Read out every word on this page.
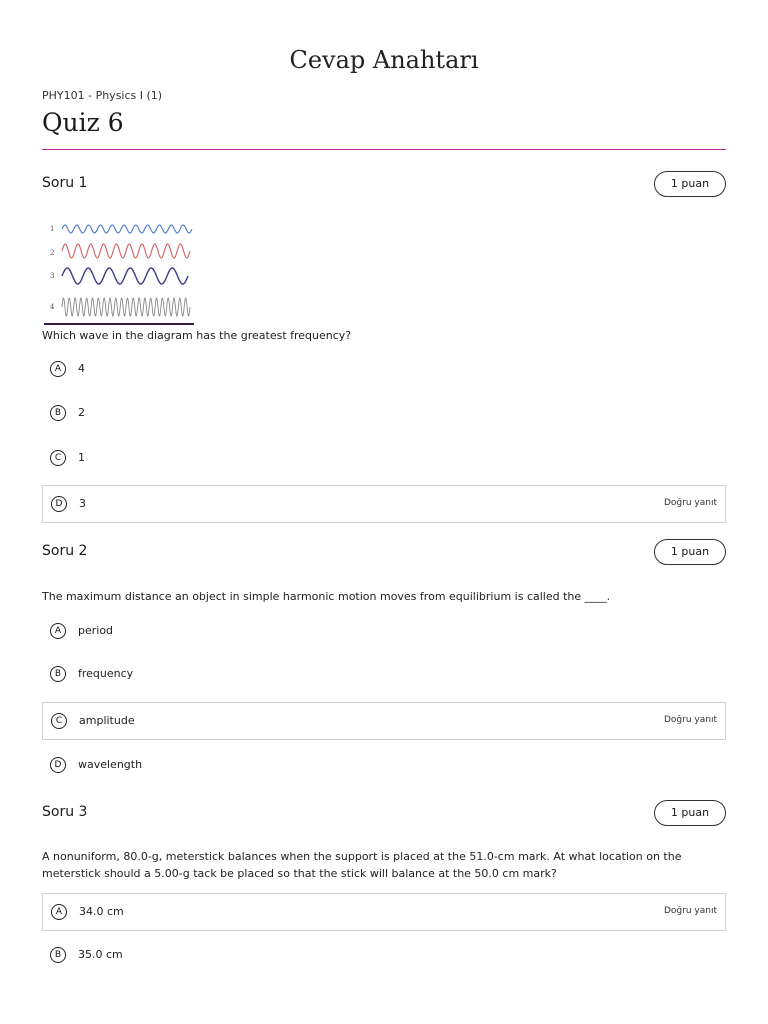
Cevap Anahtarı
PHY101 - Physics I (1)
Quiz 6
Soru 1	1 puan
1
2
3
4
Which wave in the diagram has the greatest frequency?
A	4
B	2
C	1
D	3	Doğru yanıt
Soru 2	1 puan
The maximum distance an object in simple harmonic motion moves from equilibrium is called the ____.
A	period
B	frequency
C	amplitude	Doğru yanıt
D	wavelength
Soru 3	1 puan
A nonuniform, 80.0-g, meterstick balances when the support is placed at the 51.0-cm mark. At what location on the meterstick should a 5.00-g tack be placed so that the stick will balance at the 50.0 cm mark?
A	34.0 cm	Doğru yanıt
B	35.0 cm
